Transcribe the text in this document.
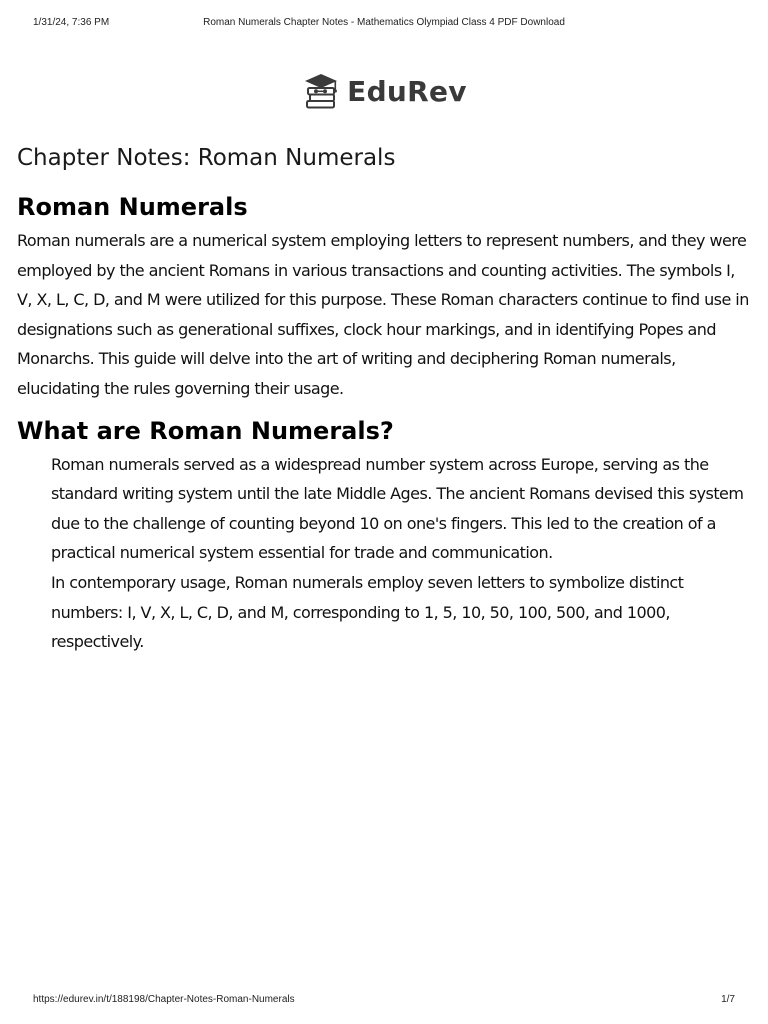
1/31/24, 7:36 PM	Roman Numerals Chapter Notes - Mathematics Olympiad Class 4 PDF Download
EduRev
Chapter Notes: Roman Numerals
Roman Numerals

Roman numerals are a numerical system employing letters to represent numbers, and they were employed by the ancient Romans in various transactions and counting activities. The symbols I, V, X, L, C, D, and M were utilized for this purpose. These Roman characters continue to find use in designations such as generational suffixes, clock hour markings, and in identifying Popes and Monarchs. This guide will delve into the art of writing and deciphering Roman numerals, elucidating the rules governing their usage.

What are Roman Numerals?

Roman numerals served as a widespread number system across Europe, serving as the standard writing system until the late Middle Ages. The ancient Romans devised this system due to the challenge of counting beyond 10 on one's fingers. This led to the creation of a practical numerical system essential for trade and communication.

In contemporary usage, Roman numerals employ seven letters to symbolize distinct numbers: I, V, X, L, C, D, and M, corresponding to 1, 5, 10, 50, 100, 500, and 1000, respectively.

https://edurev.in/t/188198/Chapter-Notes-Roman-Numerals	1/7
